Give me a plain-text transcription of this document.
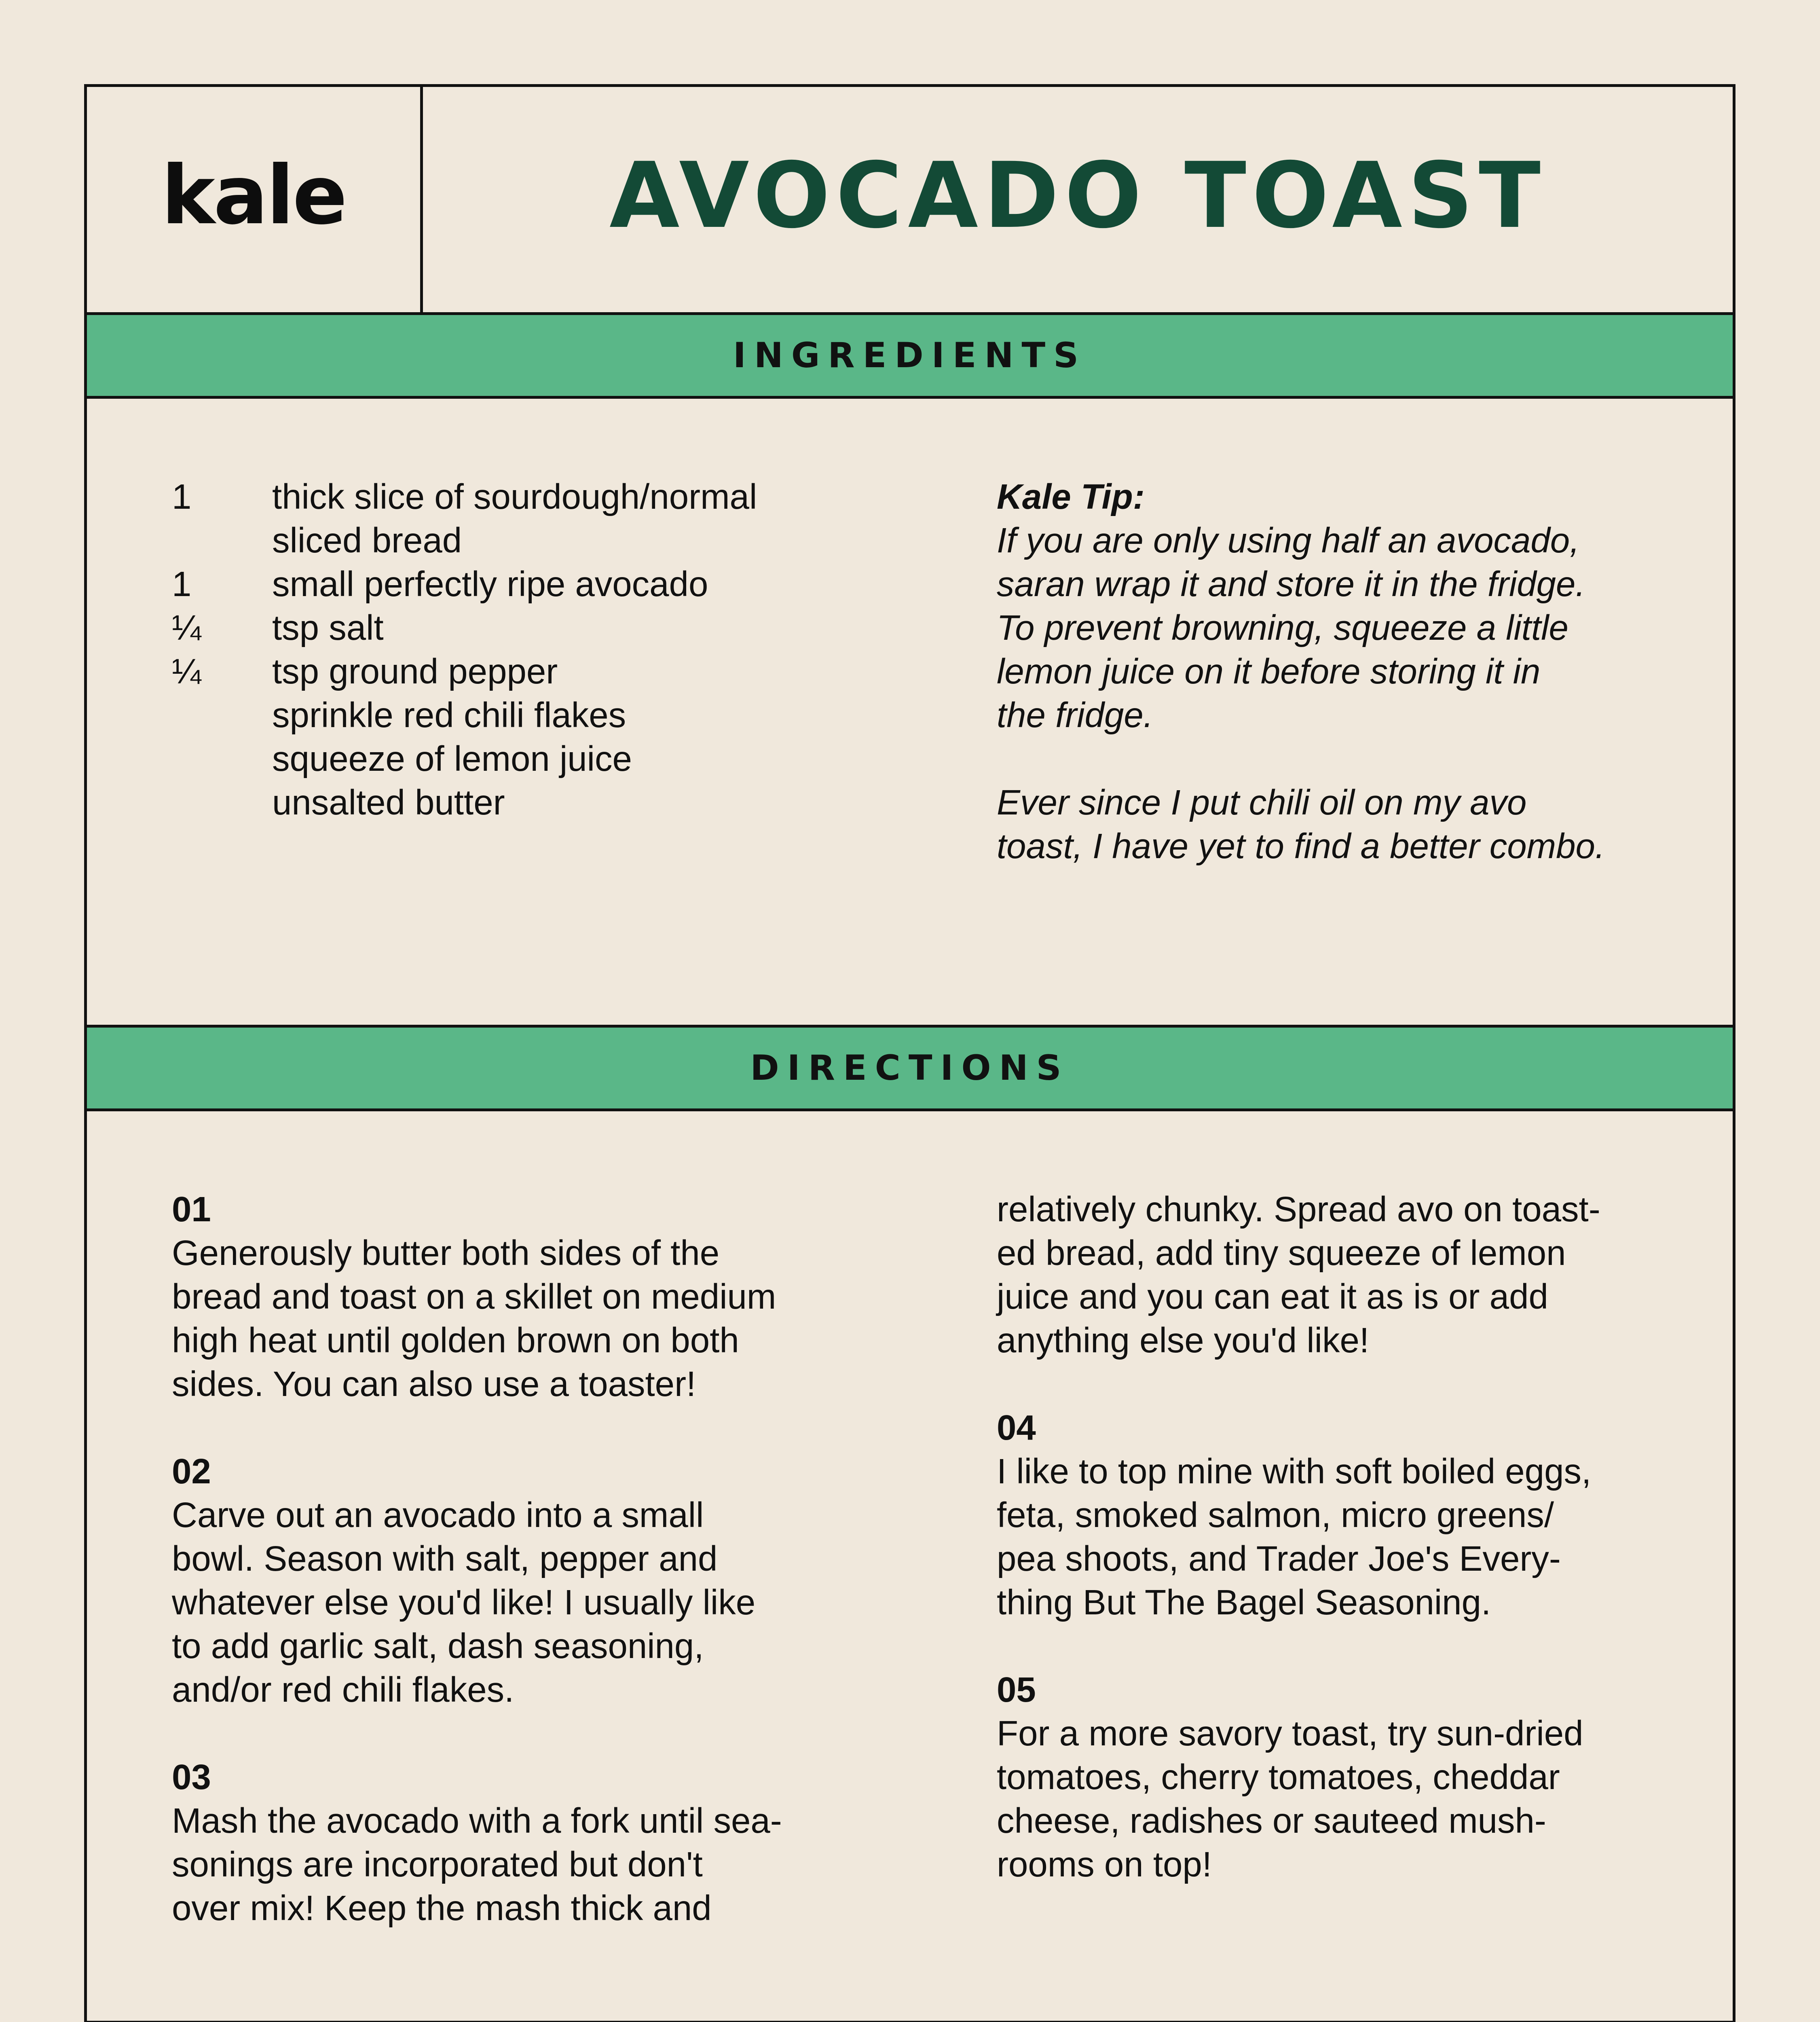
kale	AVOCADO TOAST
INGREDIENTS
1 thick slice of sourdough/normal
sliced bread
1 small perfectly ripe avocado
¼ tsp salt
¼ tsp ground pepper
sprinkle red chili flakes
squeeze of lemon juice
unsalted butter
Kale Tip:
If you are only using half an avocado,
saran wrap it and store it in the fridge.
To prevent browning, squeeze a little
lemon juice on it before storing it in
the fridge.
Ever since I put chili oil on my avo
toast, I have yet to find a better combo.
DIRECTIONS
01
Generously butter both sides of the
bread and toast on a skillet on medium
high heat until golden brown on both
sides. You can also use a toaster!
02
Carve out an avocado into a small
bowl. Season with salt, pepper and
whatever else you'd like! I usually like
to add garlic salt, dash seasoning,
and/or red chili flakes.
03
Mash the avocado with a fork until sea-
sonings are incorporated but don't
over mix! Keep the mash thick and
relatively chunky. Spread avo on toast-
ed bread, add tiny squeeze of lemon
juice and you can eat it as is or add
anything else you'd like!
04
I like to top mine with soft boiled eggs,
feta, smoked salmon, micro greens/
pea shoots, and Trader Joe's Every-
thing But The Bagel Seasoning.
05
For a more savory toast, try sun-dried
tomatoes, cherry tomatoes, cheddar
cheese, radishes or sauteed mush-
rooms on top!
